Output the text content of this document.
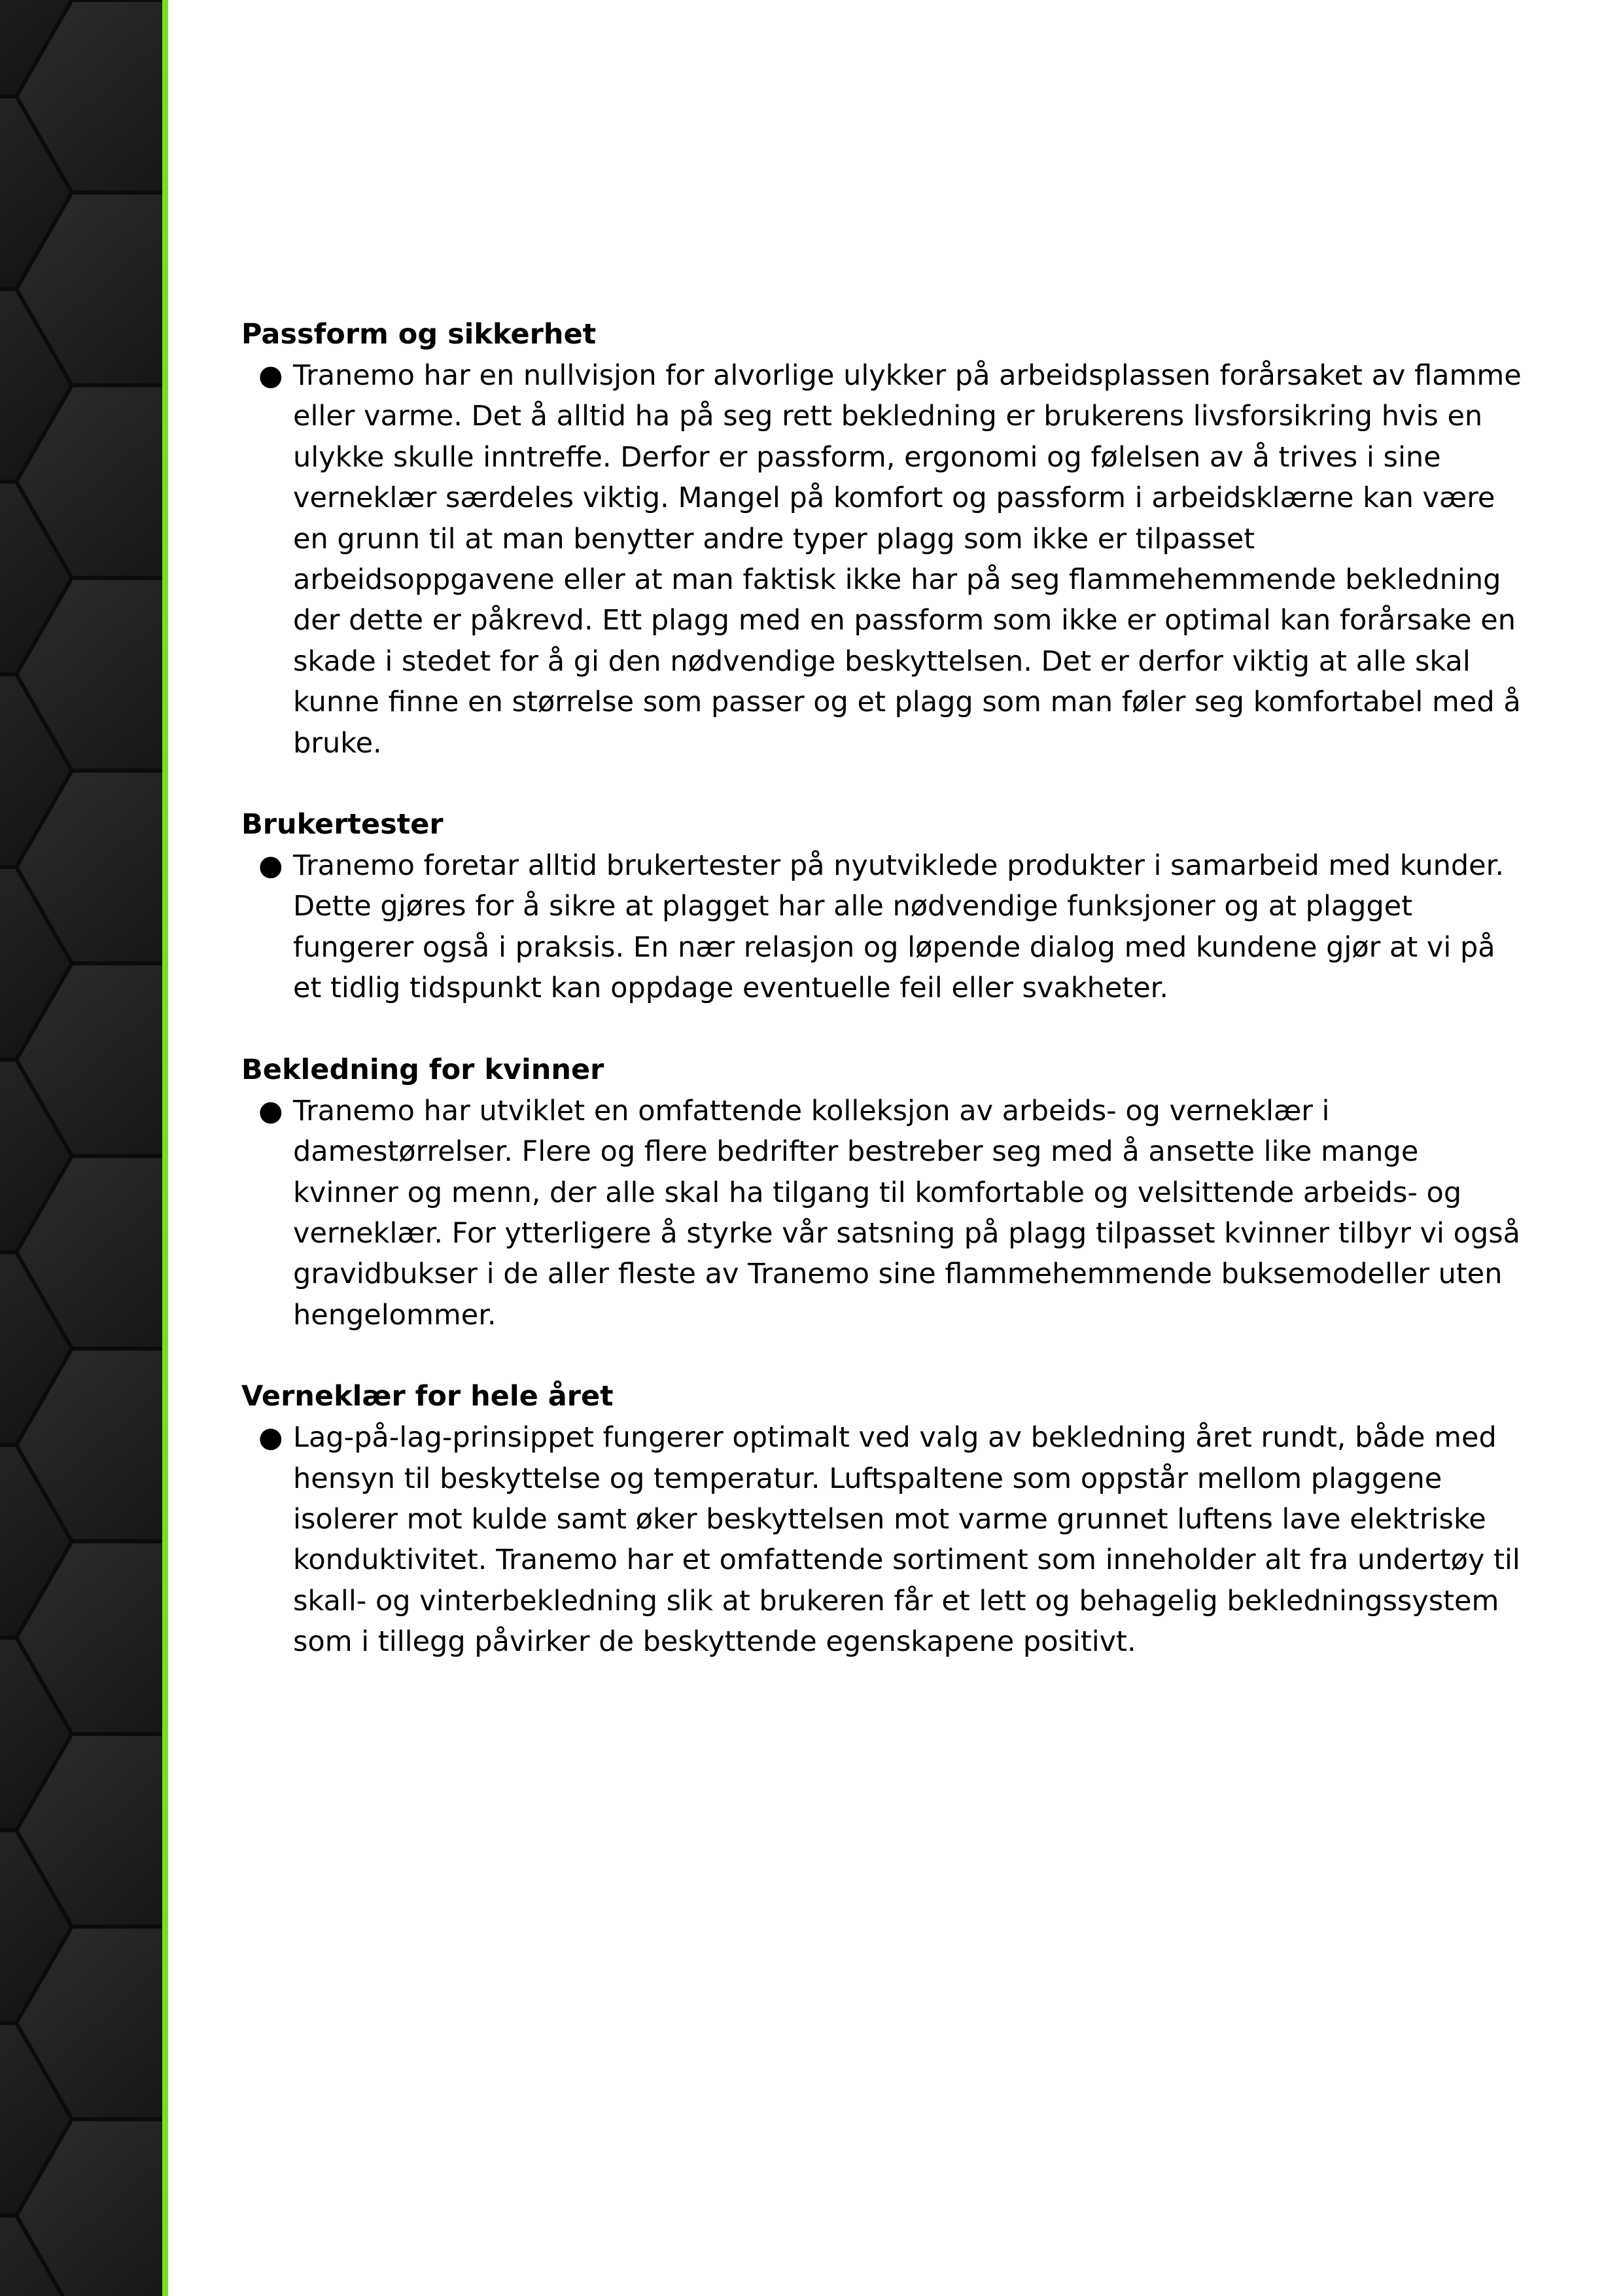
Passform og sikkerhet

● Tranemo har en nullvisjon for alvorlige ulykker på arbeidsplassen forårsaket av flamme eller varme. Det å alltid ha på seg rett bekledning er brukerens livsforsikring hvis en ulykke skulle inntreffe. Derfor er passform, ergonomi og følelsen av å trives i sine verneklær særdeles viktig. Mangel på komfort og passform i arbeidsklærne kan være en grunn til at man benytter andre typer plagg som ikke er tilpasset arbeidsoppgavene eller at man faktisk ikke har på seg flammehemmende bekledning der dette er påkrevd. Ett plagg med en passform som ikke er optimal kan forårsake en skade i stedet for å gi den nødvendige beskyttelsen. Det er derfor viktig at alle skal kunne finne en størrelse som passer og et plagg som man føler seg komfortabel med å bruke.

Brukertester

● Tranemo foretar alltid brukertester på nyutviklede produkter i samarbeid med kunder. Dette gjøres for å sikre at plagget har alle nødvendige funksjoner og at plagget fungerer også i praksis. En nær relasjon og løpende dialog med kundene gjør at vi på et tidlig tidspunkt kan oppdage eventuelle feil eller svakheter.

Bekledning for kvinner

● Tranemo har utviklet en omfattende kolleksjon av arbeids- og verneklær i damestørrelser. Flere og flere bedrifter bestreber seg med å ansette like mange kvinner og menn, der alle skal ha tilgang til komfortable og velsittende arbeids- og verneklær. For ytterligere å styrke vår satsning på plagg tilpasset kvinner tilbyr vi også gravidbukser i de aller fleste av Tranemo sine flammehemmende buksemodeller uten hengelommer.

Verneklær for hele året

● Lag-på-lag-prinsippet fungerer optimalt ved valg av bekledning året rundt, både med hensyn til beskyttelse og temperatur. Luftspaltene som oppstår mellom plaggene isolerer mot kulde samt øker beskyttelsen mot varme grunnet luftens lave elektriske konduktivitet. Tranemo har et omfattende sortiment som inneholder alt fra undertøy til skall- og vinterbekledning slik at brukeren får et lett og behagelig bekledningssystem som i tillegg påvirker de beskyttende egenskapene positivt.
